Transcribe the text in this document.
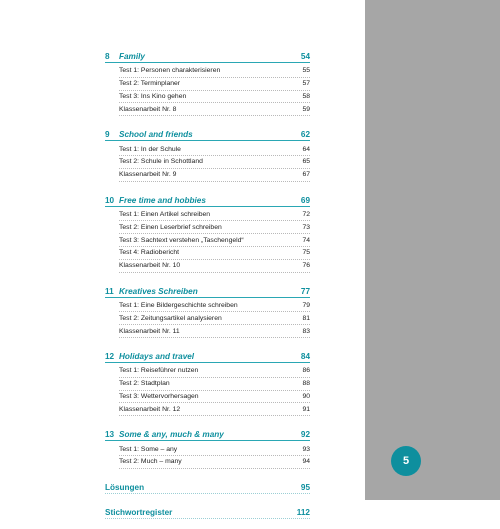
5
8	Family	54
Test 1: Personen charakterisieren	55
Test 2: Terminplaner	57
Test 3: Ins Kino gehen	58
Klassenarbeit Nr. 8	59
9	School and friends	62
Test 1: In der Schule	64
Test 2: Schule in Schottland	65
Klassenarbeit Nr. 9	67
10 Free time and hobbies	69
Test 1: Einen Artikel schreiben	72
Test 2: Einen Leserbrief schreiben	73
Test 3: Sachtext verstehen „Taschengeld“	74
Test 4: Radiobericht	75
Klassenarbeit Nr. 10	76
11 Kreatives Schreiben	77
Test 1: Eine Bildergeschichte schreiben	79
Test 2: Zeitungsartikel analysieren	81
Klassenarbeit Nr. 11	83
12 Holidays and travel	84
Test 1: Reiseführer nutzen	86
Test 2: Stadtplan	88
Test 3: Wettervorhersagen	90
Klassenarbeit Nr. 12	91
13 Some & any, much & many	92
Test 1: Some – any	93
Test 2: Much – many	94
Lösungen	95
Stichwortregister	112
